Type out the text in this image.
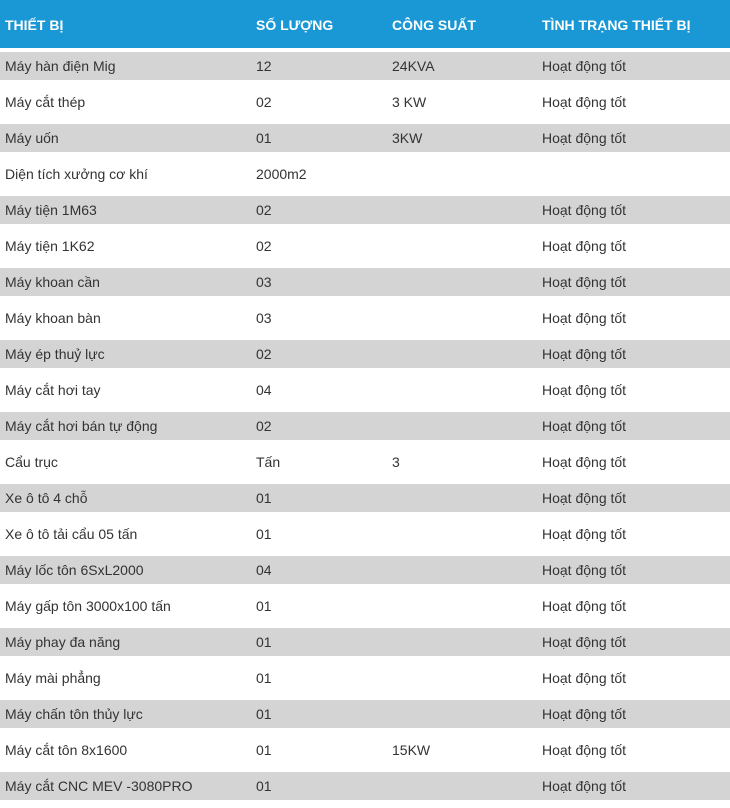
THIẾT BỊ	SỐ LƯỢNG	CÔNG SUẤT	TÌNH TRẠNG THIẾT BỊ
Máy hàn điện Mig	12	24KVA	Hoạt động tốt
Máy cắt thép	02	3 KW	Hoạt động tốt
Máy uốn	01	3KW	Hoạt động tốt
Diện tích xưởng cơ khí	2000m2		
Máy tiện 1M63	02		Hoạt động tốt
Máy tiện 1K62	02		Hoạt động tốt
Máy khoan cần	03		Hoạt động tốt
Máy khoan bàn	03		Hoạt động tốt
Máy ép thuỷ lực	02		Hoạt động tốt
Máy cắt hơi tay	04		Hoạt động tốt
Máy cắt hơi bán tự động	02		Hoạt động tốt
Cẩu trục	Tấn	3	Hoạt động tốt
Xe ô tô 4 chỗ	01		Hoạt động tốt
Xe ô tô tải cẩu 05 tấn	01		Hoạt động tốt
Máy lốc tôn 6SxL2000	04		Hoạt động tốt
Máy gấp tôn 3000x100 tấn	01		Hoạt động tốt
Máy phay đa năng	01		Hoạt động tốt
Máy mài phẳng	01		Hoạt động tốt
Máy chấn tôn thủy lực	01		Hoạt động tốt
Máy cắt tôn 8x1600	01	15KW	Hoạt động tốt
Máy cắt CNC MEV -3080PRO	01		Hoạt động tốt
